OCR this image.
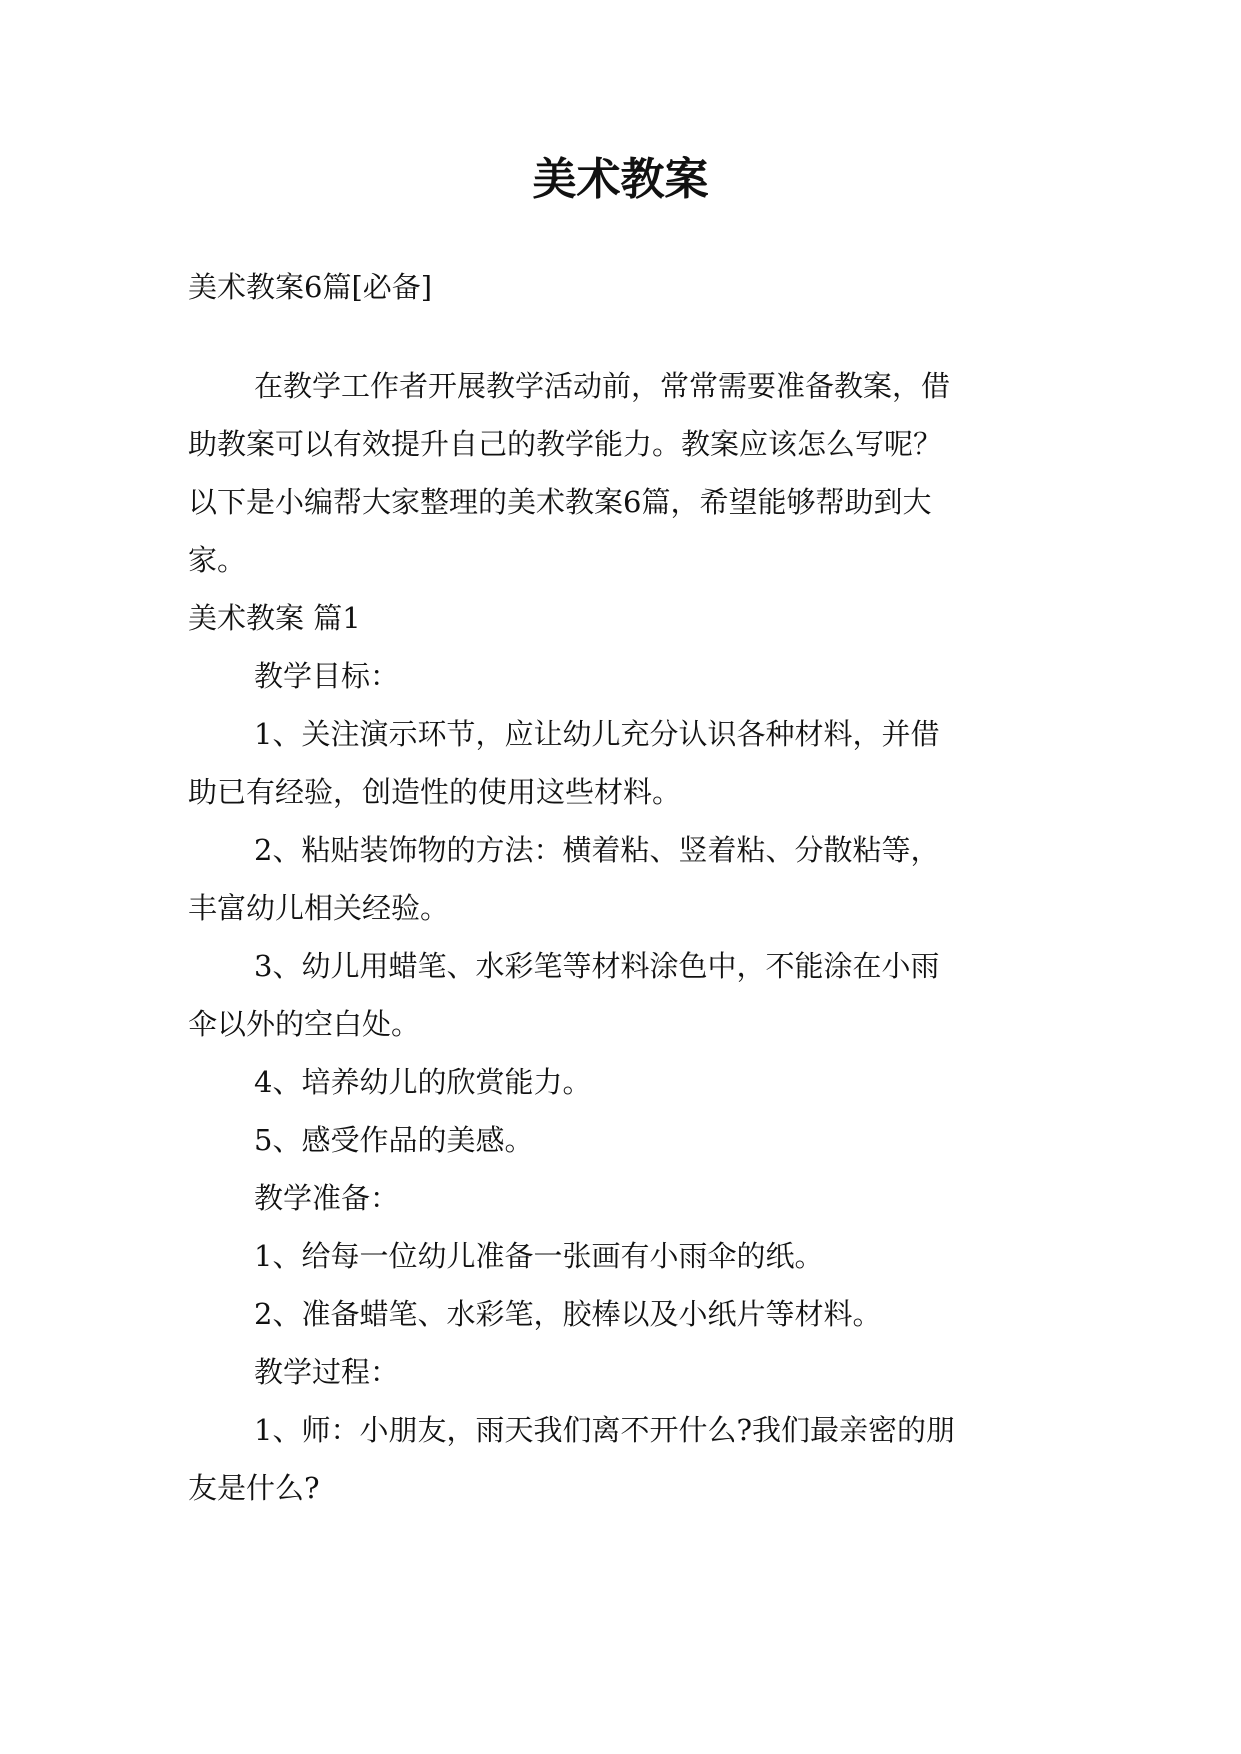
美术教案
美术教案6篇[必备]
在教学工作者开展教学活动前，常常需要准备教案，借
助教案可以有效提升自己的教学能力。教案应该怎么写呢？
以下是小编帮大家整理的美术教案6篇，希望能够帮助到大
家。
美术教案 篇1
教学目标：
1、关注演示环节，应让幼儿充分认识各种材料，并借
助已有经验，创造性的使用这些材料。
2、粘贴装饰物的方法：横着粘、竖着粘、分散粘等，
丰富幼儿相关经验。
3、幼儿用蜡笔、水彩笔等材料涂色中，不能涂在小雨
伞以外的空白处。
4、培养幼儿的欣赏能力。
5、感受作品的美感。
教学准备：
1、给每一位幼儿准备一张画有小雨伞的纸。
2、准备蜡笔、水彩笔，胶棒以及小纸片等材料。
教学过程：
1、师：小朋友，雨天我们离不开什么?我们最亲密的朋
友是什么?
